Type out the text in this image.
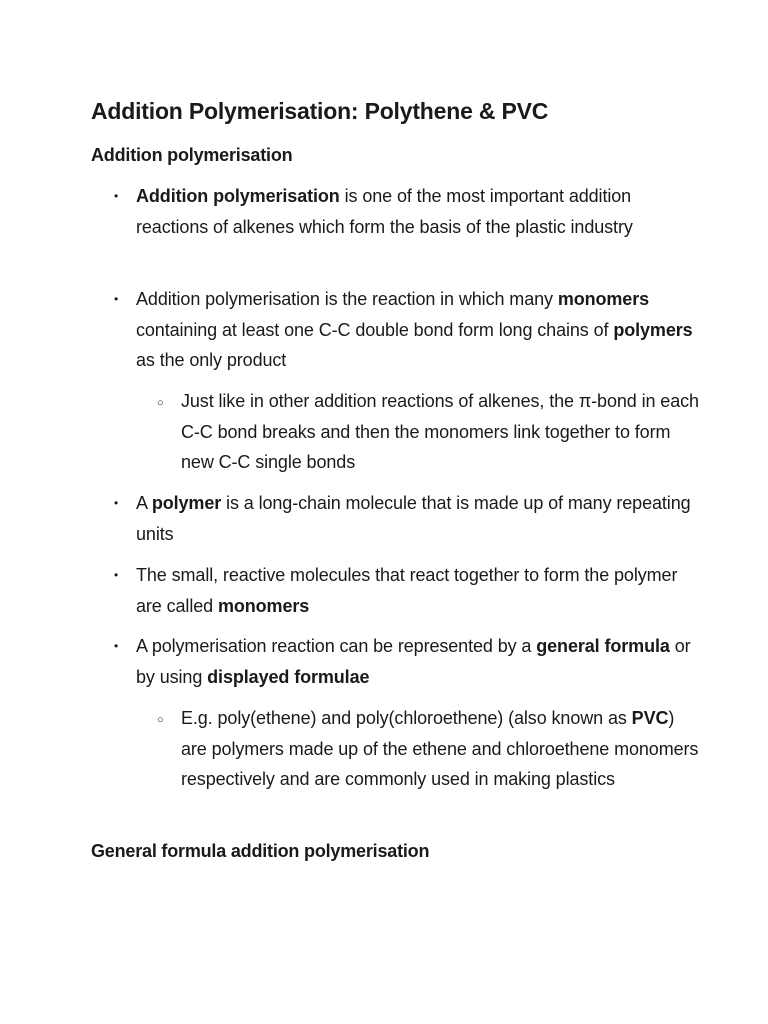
Addition Polymerisation: Polythene & PVC
Addition polymerisation
• Addition polymerisation is one of the most important addition reactions of alkenes which form the basis of the plastic industry
• Addition polymerisation is the reaction in which many monomers containing at least one C-C double bond form long chains of polymers as the only product
○ Just like in other addition reactions of alkenes, the π-bond in each C-C bond breaks and then the monomers link together to form new C-C single bonds
• A polymer is a long-chain molecule that is made up of many repeating units
• The small, reactive molecules that react together to form the polymer are called monomers
• A polymerisation reaction can be represented by a general formula or by using displayed formulae
○ E.g. poly(ethene) and poly(chloroethene) (also known as PVC) are polymers made up of the ethene and chloroethene monomers respectively and are commonly used in making plastics
General formula addition polymerisation
